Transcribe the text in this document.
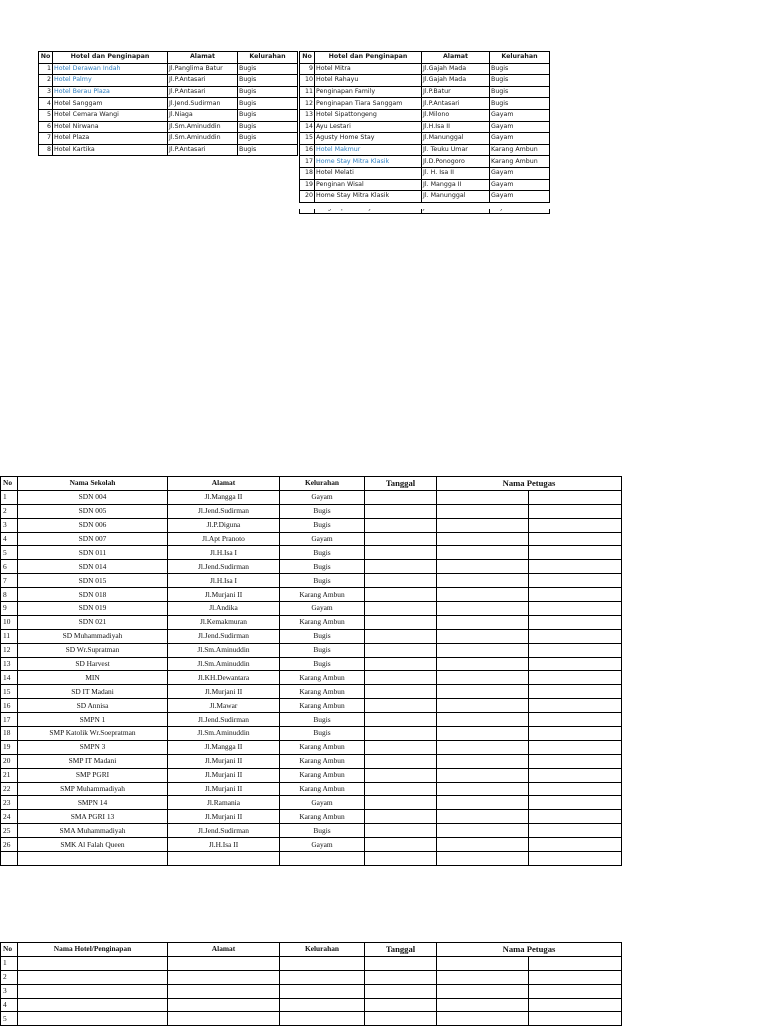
No	Hotel dan Penginapan	Alamat	Kelurahan
1	Hotel Derawan Indah	Jl.Panglima Batur	Bugis
2	Hotel Palmy	Jl.P.Antasari	Bugis
3	Hotel Berau Plaza	Jl.P.Antasari	Bugis
4	Hotel Sanggam	Jl.Jend.Sudirman	Bugis
5	Hotel Cemara Wangi	Jl.Niaga	Bugis
6	Hotel Nirwana	Jl.Sm.Aminuddin	Bugis
7	Hotel Plaza	Jl.Sm.Aminuddin	Bugis
8	Hotel Kartika	Jl.P.Antasari	Bugis
No	Hotel dan Penginapan	Alamat	Kelurahan
9	Hotel Mitra	Jl.Gajah Mada	Bugis
10	Hotel Rahayu	Jl.Gajah Mada	Bugis
11	Penginapan Family	Jl.P.Batur	Bugis
12	Penginapan Tiara Sanggam	Jl.P.Antasari	Bugis
13	Hotel Sipattongeng	Jl.Milono	Gayam
14	Ayu Lestari	Jl.H.Isa II	Gayam
15	Agusty Home Stay	Jl.Manunggal	Gayam
16	Hotel Makmur	Jl. Teuku Umar	Karang Ambun
17	Home Stay Mitra Klasik	Jl.D.Ponogoro	Karang Ambun
18	Hotel Melati	Jl. H. Isa II	Gayam
19	Penginan Wisal	Jl. Mangga II	Gayam
20	Home Stay Mitra Klasik	Jl. Manunggal	Gayam

No	Nama Sekolah	Alamat	Kelurahan	Tanggal	Nama Petugas	
1	SDN 004	Jl.Mangga II	Gayam			
2	SDN 005	Jl.Jend.Sudirman	Bugis			
3	SDN 006	Jl.P.Diguna	Bugis			
4	SDN 007	Jl.Apt Pranoto	Gayam			
5	SDN 011	Jl.H.Isa I	Bugis			
6	SDN 014	Jl.Jend.Sudirman	Bugis			
7	SDN 015	Jl.H.Isa I	Bugis			
8	SDN 018	Jl.Murjani II	Karang Ambun			
9	SDN 019	Jl.Andika	Gayam			
10	SDN 021	Jl.Kemakmuran	Karang Ambun			
11	SD Muhammadiyah	Jl.Jend.Sudirman	Bugis			
12	SD Wr.Supratman	Jl.Sm.Aminuddin	Bugis			
13	SD Harvest	Jl.Sm.Aminuddin	Bugis			
14	MIN	Jl.KH.Dewantara	Karang Ambun			
15	SD IT Madani	Jl.Murjani II	Karang Ambun			
16	SD Annisa	Jl.Mawar	Karang Ambun			
17	SMPN 1	Jl.Jend.Sudirman	Bugis			
18	SMP Katolik Wr.Soepratman	Jl.Sm.Aminuddin	Bugis			
19	SMPN 3	Jl.Mangga II	Karang Ambun			
20	SMP IT Madani	Jl.Murjani II	Karang Ambun			
21	SMP PGRI	Jl.Murjani II	Karang Ambun			
22	SMP Muhammadiyah	Jl.Murjani II	Karang Ambun			
23	SMPN 14	Jl.Ramania	Gayam			
24	SMA PGRI 13	Jl.Murjani II	Karang Ambun			
25	SMA Muhammadiyah	Jl.Jend.Sudirman	Bugis			
26	SMK Al Falah Queen	Jl.H.Isa II	Gayam			

No	Nama Hotel/Penginapan	Alamat	Kelurahan	Tanggal	Nama Petugas	
1						
2						
3						
4						
5						
